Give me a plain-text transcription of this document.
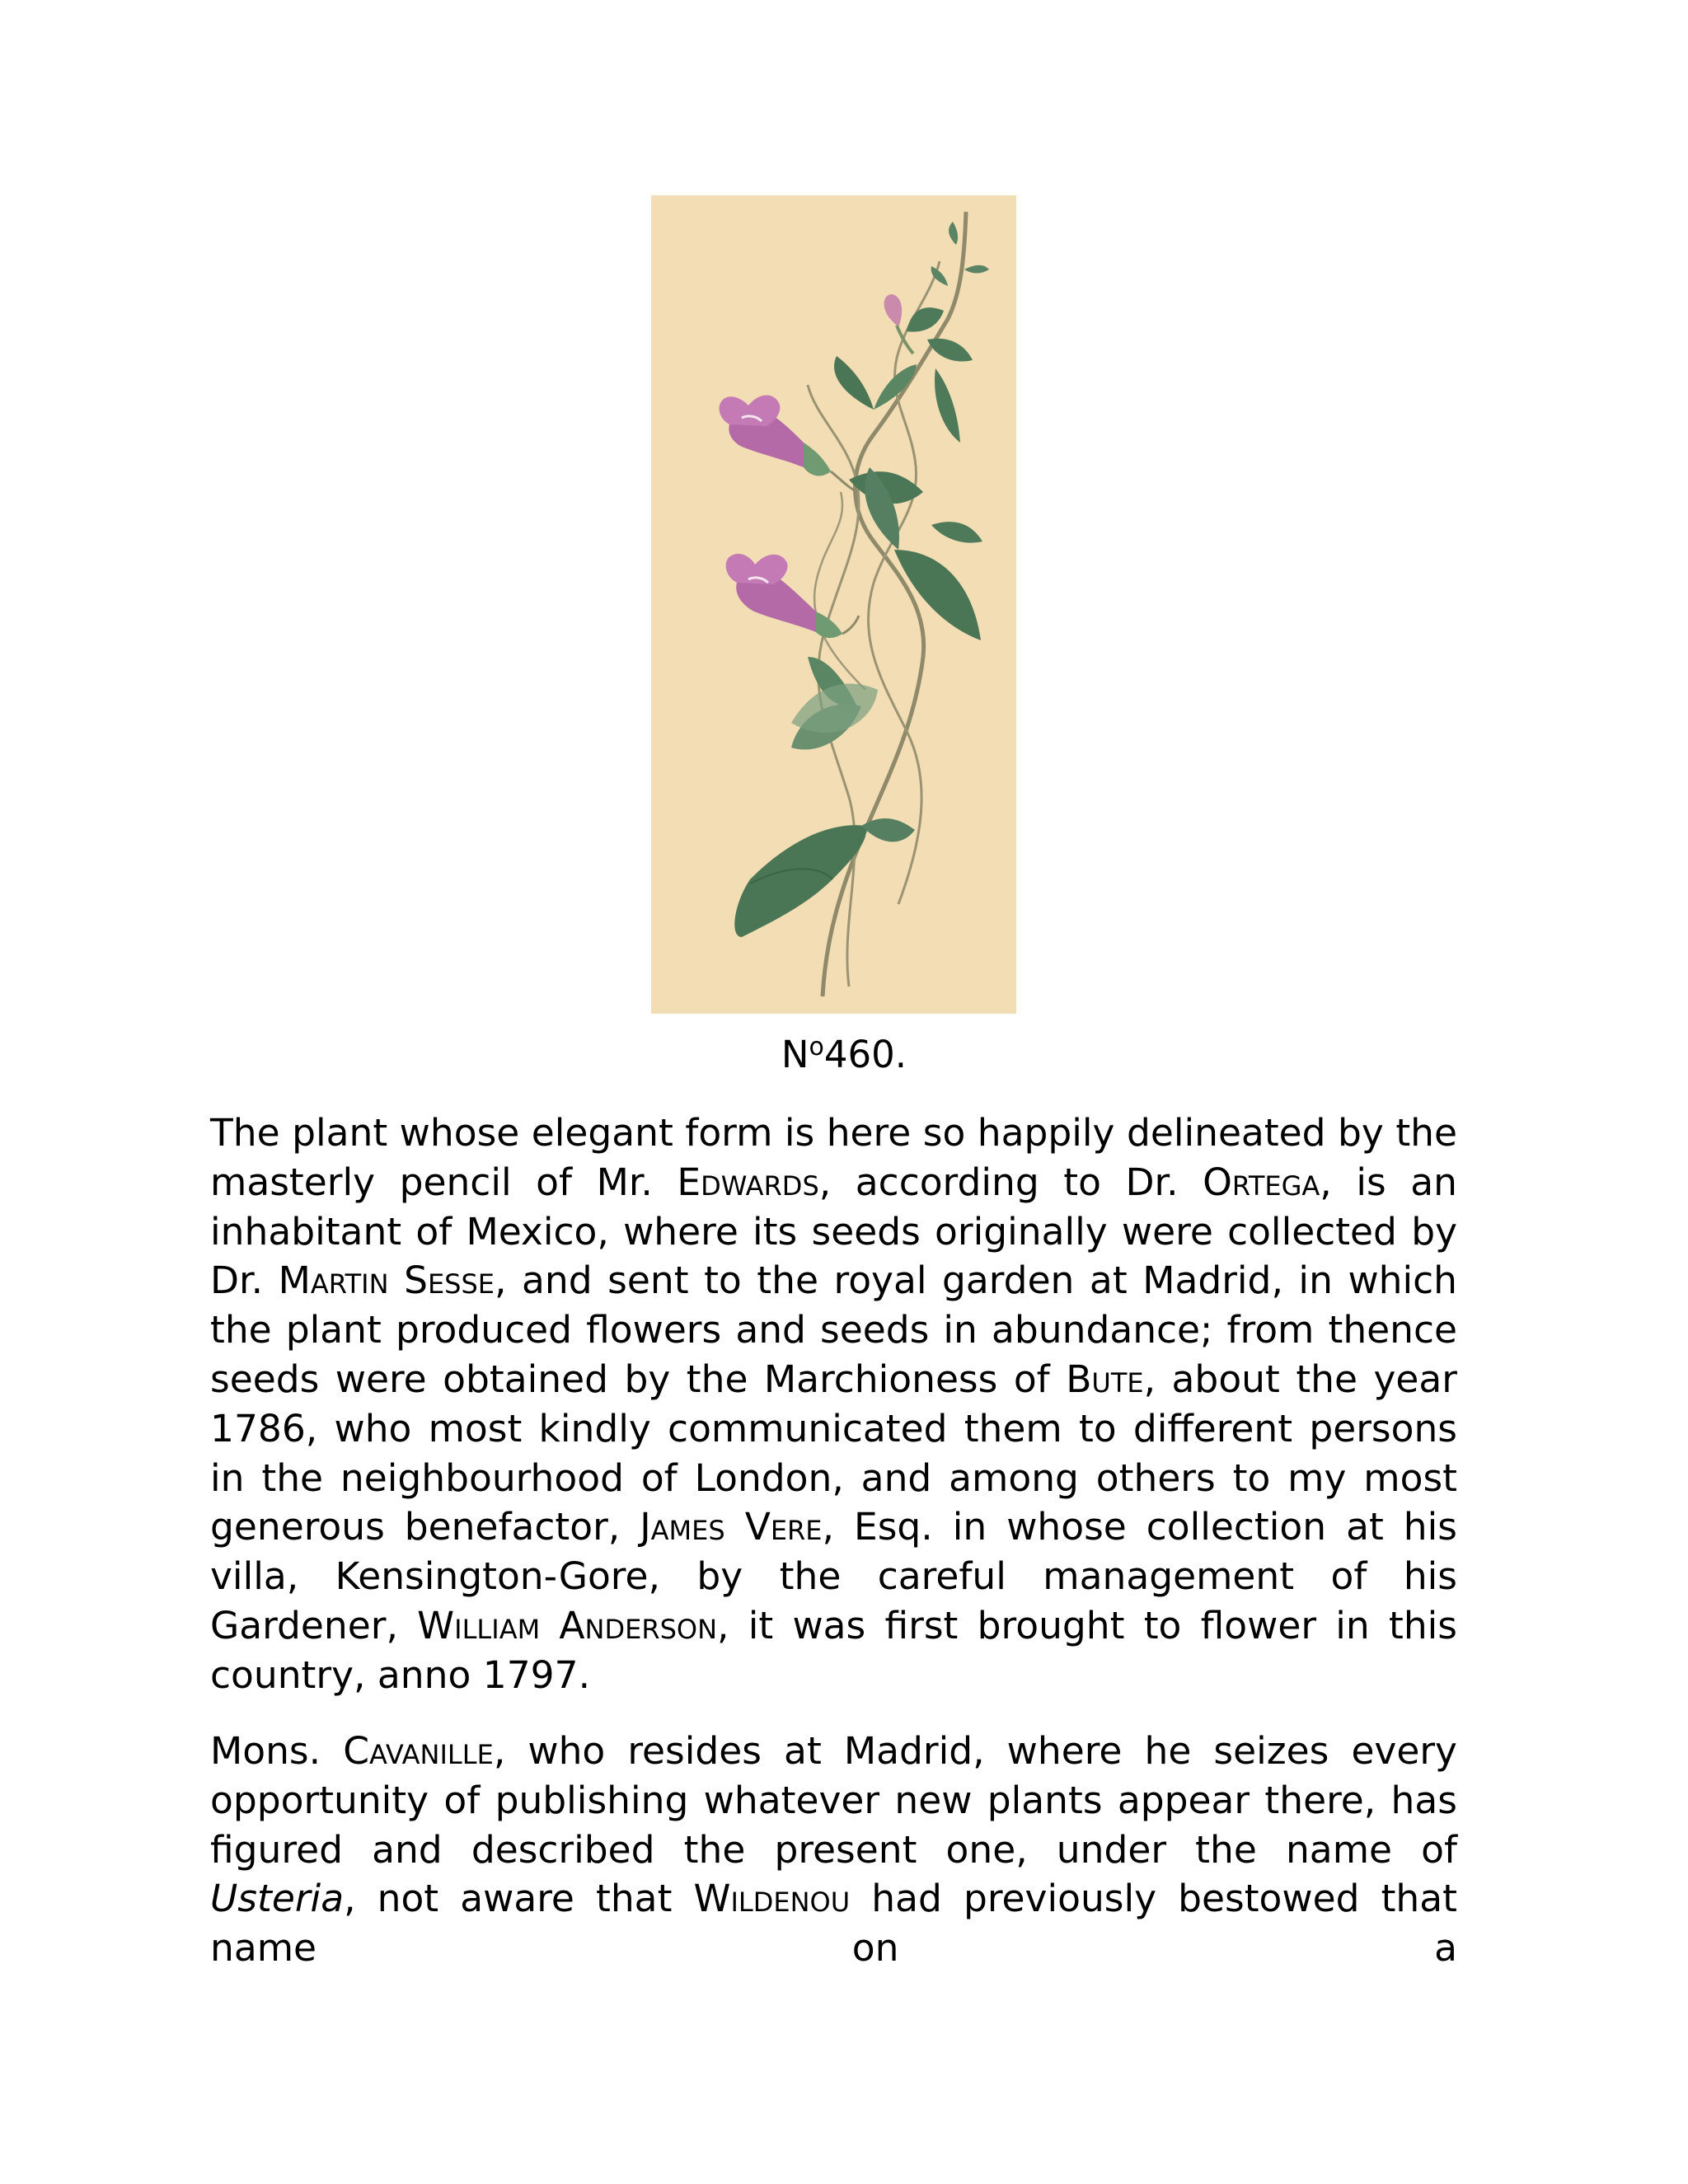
$N^o460$.

The plant whose elegant form is here so happily delineated by the masterly pencil of Mr. Edwards, according to Dr. Ortega, is an inhabitant of Mexico, where its seeds originally were collected by Dr. Martin Sesse, and sent to the royal garden at Madrid, in which the plant produced flowers and seeds in abundance; from thence seeds were obtained by the Marchioness of Bute, about the year 1786, who most kindly communicated them to different persons in the neighbourhood of London, and among others to my most generous benefactor, James Vere, Esq. in whose collection at his villa, Kensington-Gore, by the careful management of his Gardener, William Anderson, it was first brought to flower in this country, anno 1797.

Mons. Cavanille, who resides at Madrid, where he seizes every opportunity of publishing whatever new plants appear there, has figured and described the present one, under the name of Usteria, not aware that Wildenou had previously bestowed that name on a
